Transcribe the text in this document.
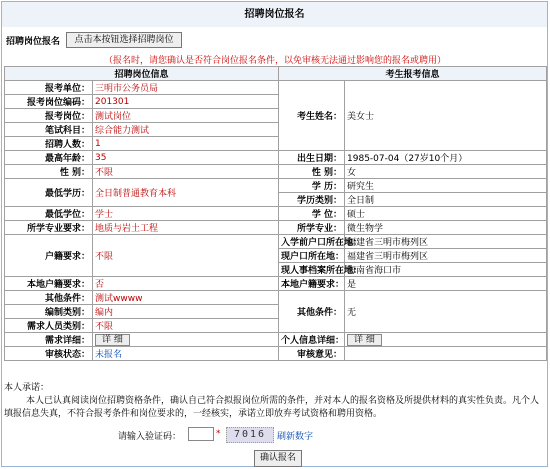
招聘岗位报名
招聘岗位报名	点击本按钮选择招聘岗位
（报名时，请您确认是否符合岗位报名条件，以免审核无法通过影响您的报名或聘用）
招聘岗位信息		考生报考信息	
报考单位：	三明市公务员局	考生姓名：	美女士
报考岗位编码：	201301		
报考岗位：	测试岗位		
笔试科目：	综合能力测试		
招聘人数：	1		
最高年龄：	35	出生日期：	1985-07-04（27岁10个月）
性 别：	不限	性 别：	女
最低学历：	全日制普通教育本科	学 历：	研究生
		学历类别：	全日制
最低学位：	学士	学 位：	硕士
所学专业要求：	地质与岩土工程	所学专业：	微生物学
户籍要求：	不限	入学前户口所在地：	福建省三明市梅列区
		现户口所在地：	福建省三明市梅列区
		现人事档案所在地：	海南省海口市
本地户籍要求：	否	本地户籍要求：	是
其他条件：	测试wwww	其他条件：	无
编制类别：	编内		
需求人员类别：	不限		
需求详细：	详 细	个人信息详细：	详 细
审核状态：	未报名	审核意见：	
本人承诺：
本人已认真阅读岗位招聘资格条件，确认自己符合拟报岗位所需的条件，并对本人的报名资格及所提供材料的真实性负责。凡个人填报信息失真，不符合报考条件和岗位要求的，一经核实，承诺立即放弃考试资格和聘用资格。
请输入验证码：	*	7016	刷新数字
确认报名
